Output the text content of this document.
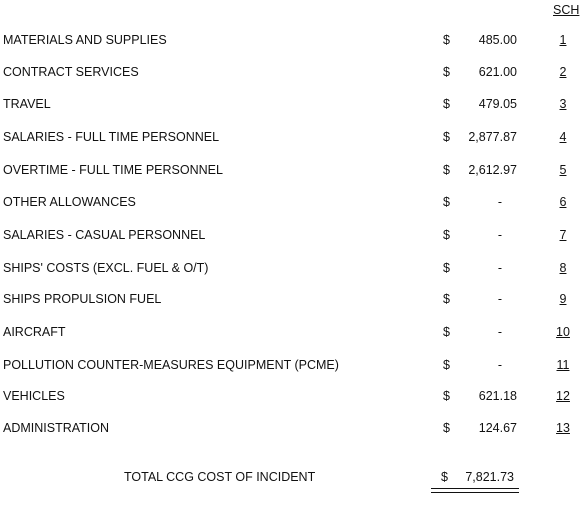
SCH
MATERIALS AND SUPPLIES	$ 485.00	1
CONTRACT SERVICES	$ 621.00	2
TRAVEL	$ 479.05	3
SALARIES - FULL TIME PERSONNEL	$ 2,877.87	4
OVERTIME - FULL TIME PERSONNEL	$ 2,612.97	5
OTHER ALLOWANCES	$	-	6
SALARIES - CASUAL PERSONNEL	$	-	7
SHIPS' COSTS (EXCL. FUEL & O/T)	$	-	8
SHIPS PROPULSION FUEL	$	-	9
AIRCRAFT	$	-	10
POLLUTION COUNTER-MEASURES EQUIPMENT (PCME)	$	-	11
VEHICLES	$ 621.18	12
ADMINISTRATION	$ 124.67	13
TOTAL CCG COST OF INCIDENT	$ 7,821.73
